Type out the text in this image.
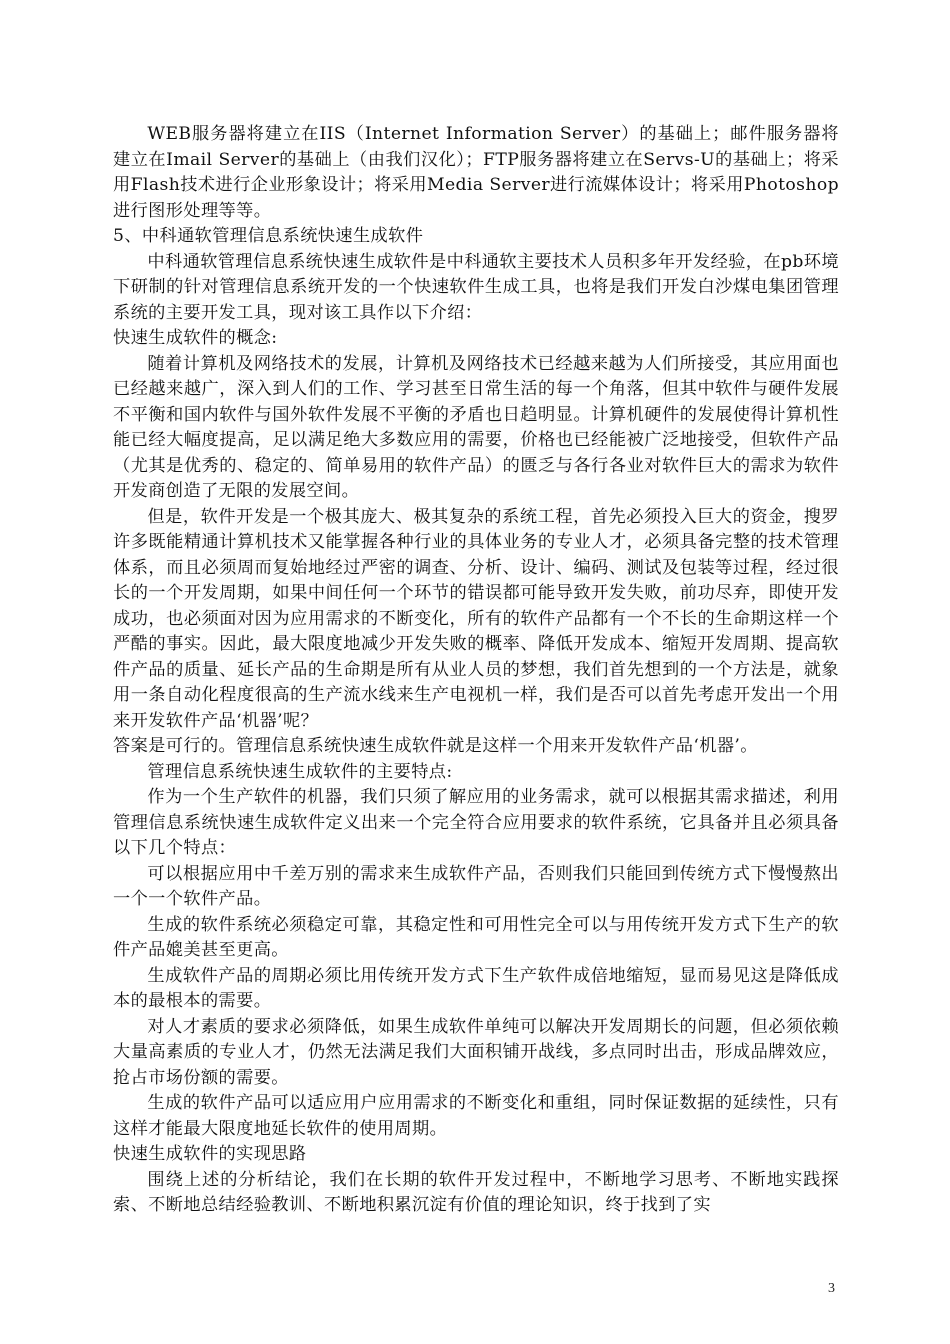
WEB服务器将建立在IIS（Internet Information Server）的基础上；邮件服务器将建立在Imail Server的基础上（由我们汉化）；FTP服务器将建立在Servs-U的基础上；将采用Flash技术进行企业形象设计；将采用Media Server进行流媒体设计；将采用Photoshop进行图形处理等等。

5、中科通软管理信息系统快速生成软件

中科通软管理信息系统快速生成软件是中科通软主要技术人员积多年开发经验，在pb环境下研制的针对管理信息系统开发的一个快速软件生成工具，也将是我们开发白沙煤电集团管理系统的主要开发工具，现对该工具作以下介绍：

快速生成软件的概念:

随着计算机及网络技术的发展，计算机及网络技术已经越来越为人们所接受，其应用面也已经越来越广，深入到人们的工作、学习甚至日常生活的每一个角落，但其中软件与硬件发展不平衡和国内软件与国外软件发展不平衡的矛盾也日趋明显。计算机硬件的发展使得计算机性能已经大幅度提高，足以满足绝大多数应用的需要，价格也已经能被广泛地接受，但软件产品（尤其是优秀的、稳定的、简单易用的软件产品）的匮乏与各行各业对软件巨大的需求为软件开发商创造了无限的发展空间。

但是，软件开发是一个极其庞大、极其复杂的系统工程，首先必须投入巨大的资金，搜罗许多既能精通计算机技术又能掌握各种行业的具体业务的专业人才，必须具备完整的技术管理体系，而且必须周而复始地经过严密的调查、分析、设计、编码、测试及包装等过程，经过很长的一个开发周期，如果中间任何一个环节的错误都可能导致开发失败，前功尽弃，即使开发成功，也必须面对因为应用需求的不断变化，所有的软件产品都有一个不长的生命期这样一个严酷的事实。因此，最大限度地减少开发失败的概率、降低开发成本、缩短开发周期、提高软件产品的质量、延长产品的生命期是所有从业人员的梦想，我们首先想到的一个方法是，就象用一条自动化程度很高的生产流水线来生产电视机一样，我们是否可以首先考虑开发出一个用来开发软件产品‘机器’呢？

答案是可行的。管理信息系统快速生成软件就是这样一个用来开发软件产品‘机器’。

管理信息系统快速生成软件的主要特点:

作为一个生产软件的机器，我们只须了解应用的业务需求，就可以根据其需求描述，利用管理信息系统快速生成软件定义出来一个完全符合应用要求的软件系统，它具备并且必须具备以下几个特点：

可以根据应用中千差万别的需求来生成软件产品，否则我们只能回到传统方式下慢慢熬出一个一个软件产品。

生成的软件系统必须稳定可靠，其稳定性和可用性完全可以与用传统开发方式下生产的软件产品媲美甚至更高。

生成软件产品的周期必须比用传统开发方式下生产软件成倍地缩短，显而易见这是降低成本的最根本的需要。

对人才素质的要求必须降低，如果生成软件单纯可以解决开发周期长的问题，但必须依赖大量高素质的专业人才，仍然无法满足我们大面积铺开战线，多点同时出击，形成品牌效应，抢占市场份额的需要。

生成的软件产品可以适应用户应用需求的不断变化和重组，同时保证数据的延续性，只有这样才能最大限度地延长软件的使用周期。

快速生成软件的实现思路

围绕上述的分析结论，我们在长期的软件开发过程中，不断地学习思考、不断地实践探索、不断地总结经验教训、不断地积累沉淀有价值的理论知识，终于找到了实

3
